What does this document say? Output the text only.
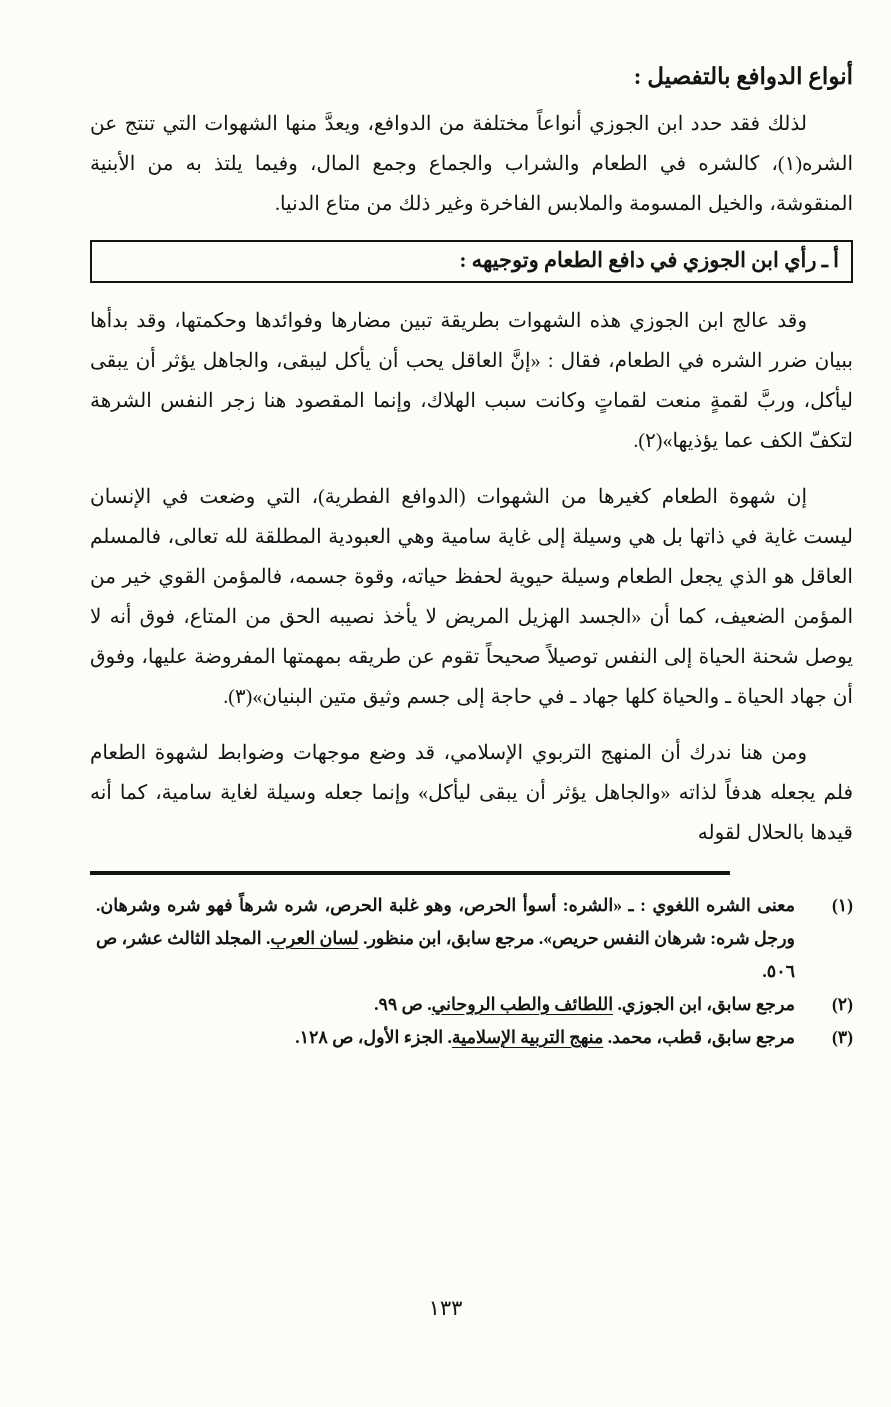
أنواع الدوافع بالتفصيل :

لذلك فقد حدد ابن الجوزي أنواعاً مختلفة من الدوافع، ويعدَّ منها الشهوات التي تنتج عن الشره(١)، كالشره في الطعام والشراب والجماع وجمع المال، وفيما يلتذ به من الأبنية المنقوشة، والخيل المسومة والملابس الفاخرة وغير ذلك من متاع الدنيا.

أ ـ رأي ابن الجوزي في دافع الطعام وتوجيهه :

وقد عالج ابن الجوزي هذه الشهوات بطريقة تبين مضارها وفوائدها وحكمتها، وقد بدأها ببيان ضرر الشره في الطعام، فقال : «إنَّ العاقل يحب أن يأكل ليبقى، والجاهل يؤثر أن يبقى ليأكل، وربَّ لقمةٍ منعت لقماتٍ وكانت سبب الهلاك، وإنما المقصود هنا زجر النفس الشرهة لتكفّ الكف عما يؤذيها»(٢).

إن شهوة الطعام كغيرها من الشهوات (الدوافع الفطرية)، التي وضعت في الإنسان ليست غاية في ذاتها بل هي وسيلة إلى غاية سامية وهي العبودية المطلقة لله تعالى، فالمسلم العاقل هو الذي يجعل الطعام وسيلة حيوية لحفظ حياته، وقوة جسمه، فالمؤمن القوي خير من المؤمن الضعيف، كما أن «الجسد الهزيل المريض لا يأخذ نصيبه الحق من المتاع، فوق أنه لا يوصل شحنة الحياة إلى النفس توصيلاً صحيحاً تقوم عن طريقه بمهمتها المفروضة عليها، وفوق أن جهاد الحياة ـ والحياة كلها جهاد ـ في حاجة إلى جسم وثيق متين البنيان»(٣).

ومن هنا ندرك أن المنهج التربوي الإسلامي، قد وضع موجهات وضوابط لشهوة الطعام فلم يجعله هدفاً لذاته «والجاهل يؤثر أن يبقى ليأكل» وإنما جعله وسيلة لغاية سامية، كما أنه قيدها بالحلال لقوله

(١)
معنى الشره اللغوي : ـ «الشره: أسوأ الحرص، وهو غلبة الحرص، شره شرهاً فهو شره وشرهان. ورجل شره: شرهان النفس حريص». مرجع سابق، ابن منظور. لسان العرب. المجلد الثالث عشر، ص ٥٠٦.
(٢)
مرجع سابق، ابن الجوزي. اللطائف والطب الروحاني. ص ٩٩.
(٣)
مرجع سابق، قطب، محمد. منهج التربية الإسلامية. الجزء الأول، ص ١٢٨.
١٣٣
